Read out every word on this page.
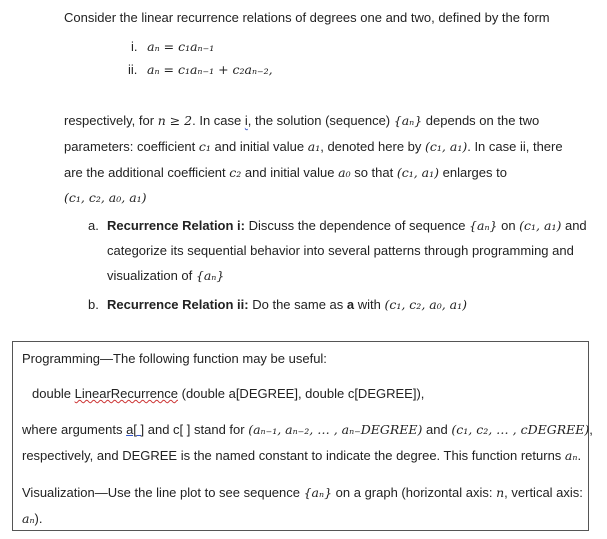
Consider the linear recurrence relations of degrees one and two, defined by the form
i. aₙ = c₁aₙ₋₁
ii. aₙ = c₁aₙ₋₁ + c₂aₙ₋₂,
respectively, for n ≥ 2. In case i, the solution (sequence) {aₙ} depends on the two
parameters: coefficient c₁ and initial value a₁, denoted here by (c₁, a₁). In case ii, there
are the additional coefficient c₂ and initial value a₀ so that (c₁, a₁) enlarges to
(c₁, c₂, a₀, a₁)
a. Recurrence Relation i: Discuss the dependence of sequence {aₙ} on (c₁, a₁) and
categorize its sequential behavior into several patterns through programming and
visualization of {aₙ}
b. Recurrence Relation ii: Do the same as a with (c₁, c₂, a₀, a₁)
Programming—The following function may be useful:
double LinearRecurrence (double a[DEGREE], double c[DEGREE]),
where arguments a[ ] and c[ ] stand for (aₙ₋₁, aₙ₋₂, … , aₙ₋DEGREE) and (c₁, c₂, … , cDEGREE),
respectively, and DEGREE is the named constant to indicate the degree. This function returns aₙ.
Visualization—Use the line plot to see sequence {aₙ} on a graph (horizontal axis: n, vertical axis:
aₙ).
